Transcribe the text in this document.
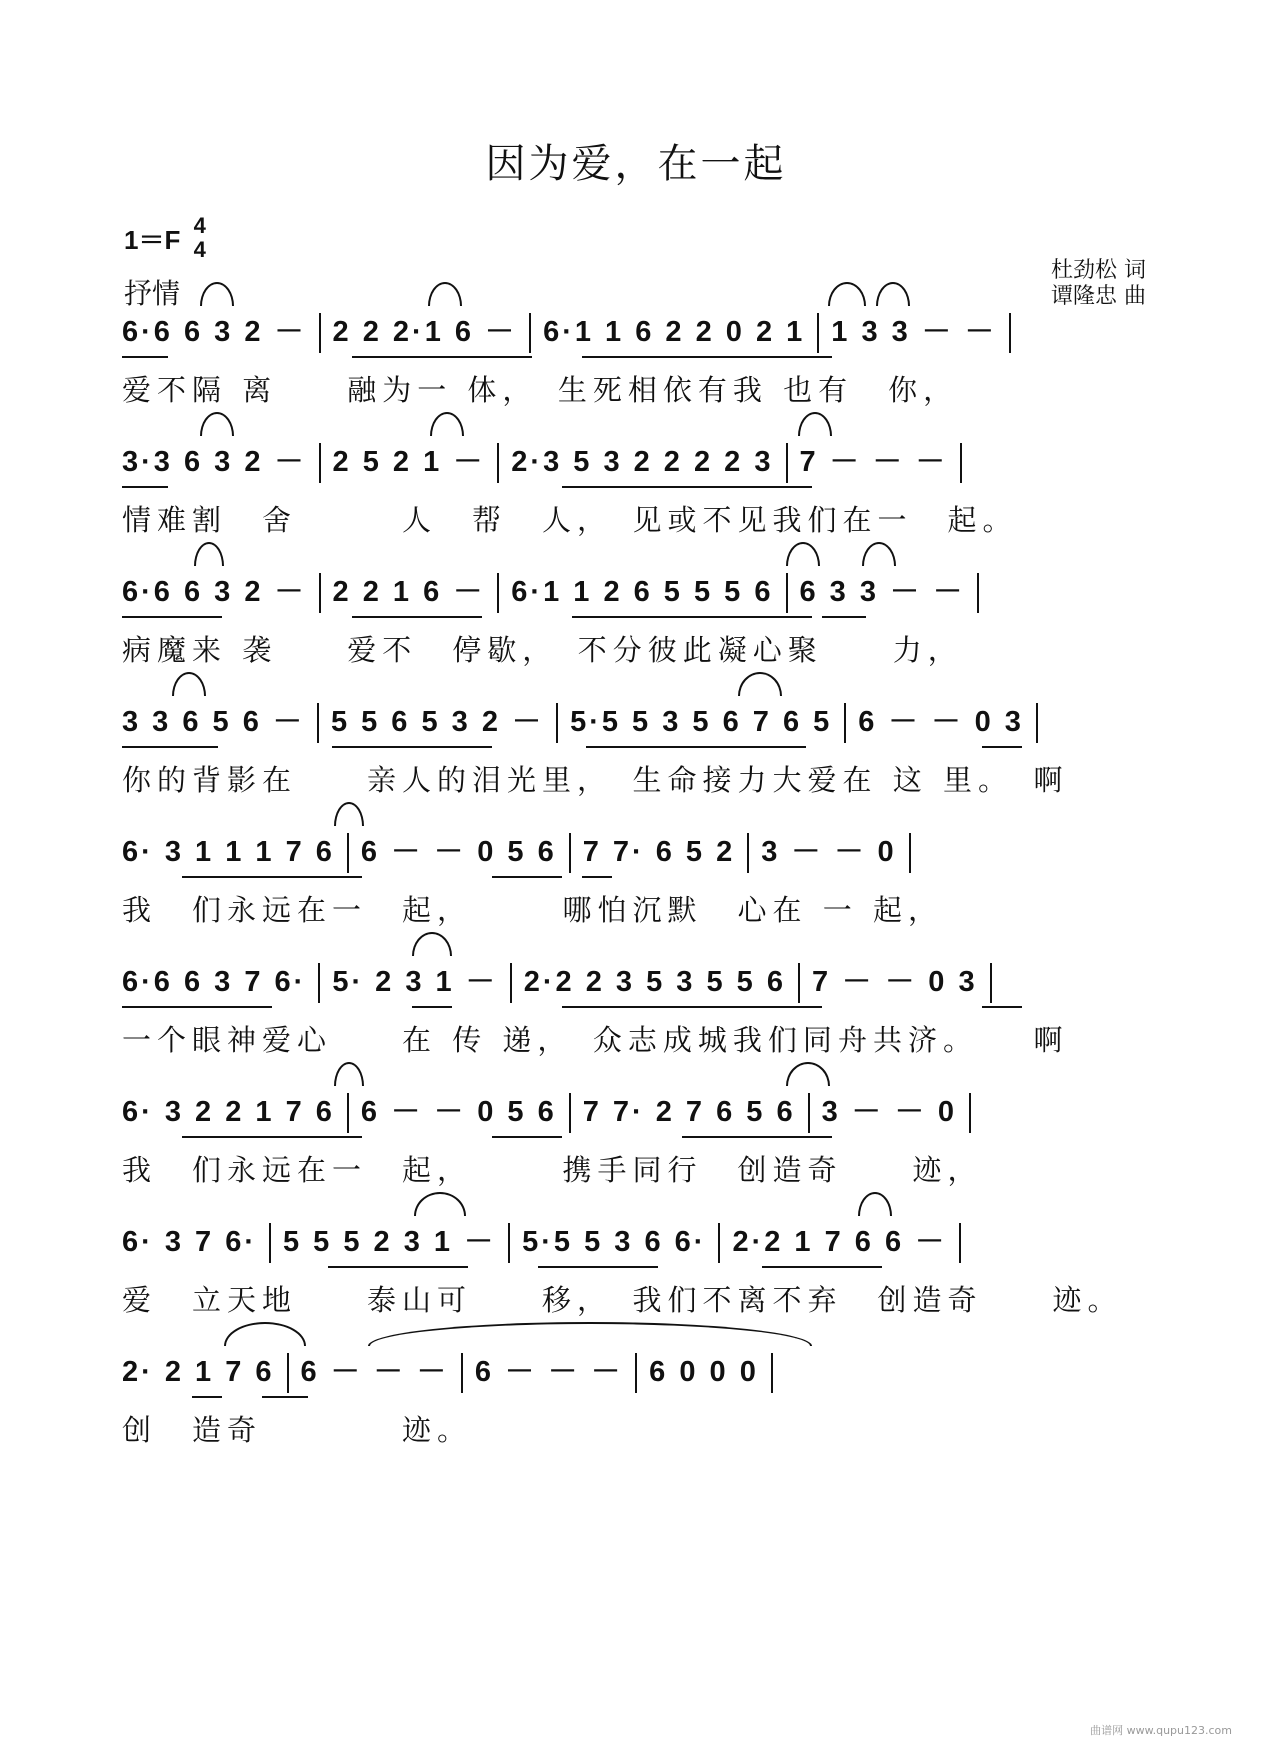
因为爱，在一起
1＝F 4
4
抒情
杜劲松 词
谭隆忠 曲
6·6 6 3 2 － 2 2 2·1 6 － 6·1 1 6 2 2 0 2 1 1 3 3 － －
爱不隔 离　　融为一 体，　生死相依有我 也有　你，
3·3 6 3 2 － 2 5 2 1 － 2·3 5 3 2 2 2 2 3 7 － － －
情难割　舍　　　人　帮　人，　见或不见我们在一　起。
6·6 6 3 2 － 2 2 1 6 － 6·1 1 2 6 5 5 5 6 6 3 3 － －
病魔来 袭　　爱不　停歇，　不分彼此凝心聚　　力，
3 3 6 5 6 － 5 5 6 5 3 2 － 5·5 5 3 5 6 7 6 5 6 － － 0 3
你的背影在　　亲人的泪光里，　生命接力大爱在 这 里。　啊
6· 3 1 1 1 7 6 6 － － 0 5 6 7 7· 6 5 2 3 － － 0
我　们永远在一　起，　　　哪怕沉默　心在 一 起，
6·6 6 3 7 6· 5· 2 3 1 － 2·2 2 3 5 3 5 5 6 7 － － 0 3
一个眼神爱心　　在 传 递，　众志成城我们同舟共济。　　啊
6· 3 2 2 1 7 6 6 － － 0 5 6 7 7· 2 7 6 5 6 3 － － 0
我　们永远在一　起，　　　携手同行　创造奇　　迹，
6· 3 7 6· 5 5 5 2 3 1 － 5·5 5 3 6 6· 2·2 1 7 6 6 －
爱　立天地　　泰山可　　移，　我们不离不弃　创造奇　　迹。
2· 2 1 7 6 6 － － － 6 － － － 6 0 0 0
创　造奇　　　　迹。
曲谱网 www.qupu123.com
